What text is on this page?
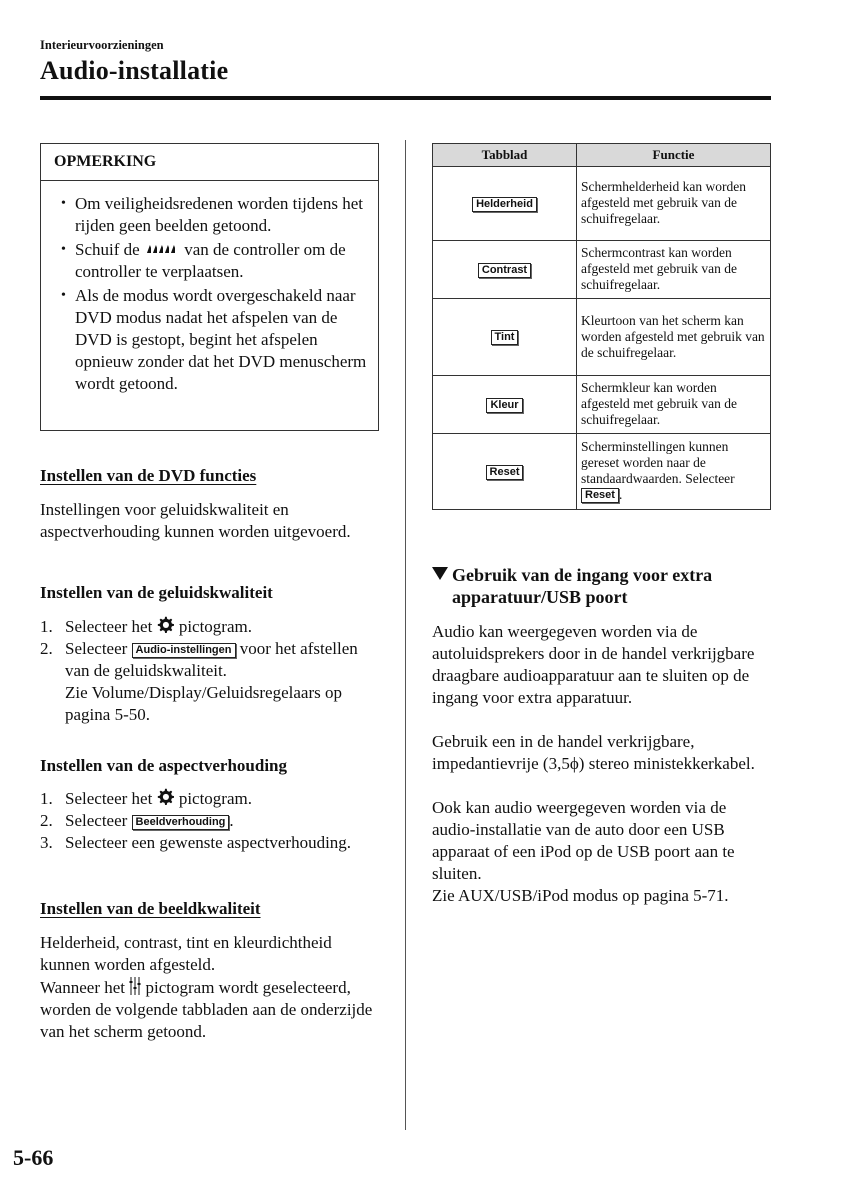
Interieurvoorzieningen
Audio-installatie
OPMERKING
• Om veiligheidsredenen worden tijdens het rijden geen beelden getoond.
• Schuif de	van de controller om de controller te verplaatsen.
• Als de modus wordt overgeschakeld naar DVD modus nadat het afspelen van de DVD is gestopt, begint het afspelen opnieuw zonder dat het DVD menuscherm wordt getoond.
Instellen van de DVD functies
Instellingen voor geluidskwaliteit en aspectverhouding kunnen worden uitgevoerd.
Instellen van de geluidskwaliteit
1. Selecteer het pictogram.
2. Selecteer Audio-instellingen voor het afstellen van de geluidskwaliteit.
Zie Volume/Display/Geluidsregelaars op pagina 5-50.
Instellen van de aspectverhouding
1. Selecteer het pictogram.
2. Selecteer Beeldverhouding .
3. Selecteer een gewenste aspectverhouding.
Instellen van de beeldkwaliteit
Helderheid, contrast, tint en kleurdichtheid kunnen worden afgesteld.
Wanneer het pictogram wordt geselecteerd, worden de volgende tabbladen aan de onderzijde van het scherm getoond.
Tabblad	Functie
Helderheid	Schermhelderheid kan worden afgesteld met gebruik van de schuifregelaar.
Contrast	Schermcontrast kan worden afgesteld met gebruik van de schuifregelaar.
Tint	Kleurtoon van het scherm kan worden afgesteld met gebruik van de schuifregelaar.
Kleur	Schermkleur kan worden afgesteld met gebruik van de schuifregelaar.
Reset	Scherminstellingen kunnen gereset worden naar de standaardwaarden. Selecteer Reset .
Gebruik van de ingang voor extra
apparatuur/USB poort
Audio kan weergegeven worden via de autoluidsprekers door in de handel verkrijgbare draagbare audioapparatuur aan te sluiten op de ingang voor extra apparatuur.
Gebruik een in de handel verkrijgbare, impedantievrije (3,5ϕ) stereo ministekkerkabel.
Ook kan audio weergegeven worden via de audio-installatie van de auto door een USB apparaat of een iPod op de USB poort aan te sluiten.
Zie AUX/USB/iPod modus op pagina 5-71.
5-66
